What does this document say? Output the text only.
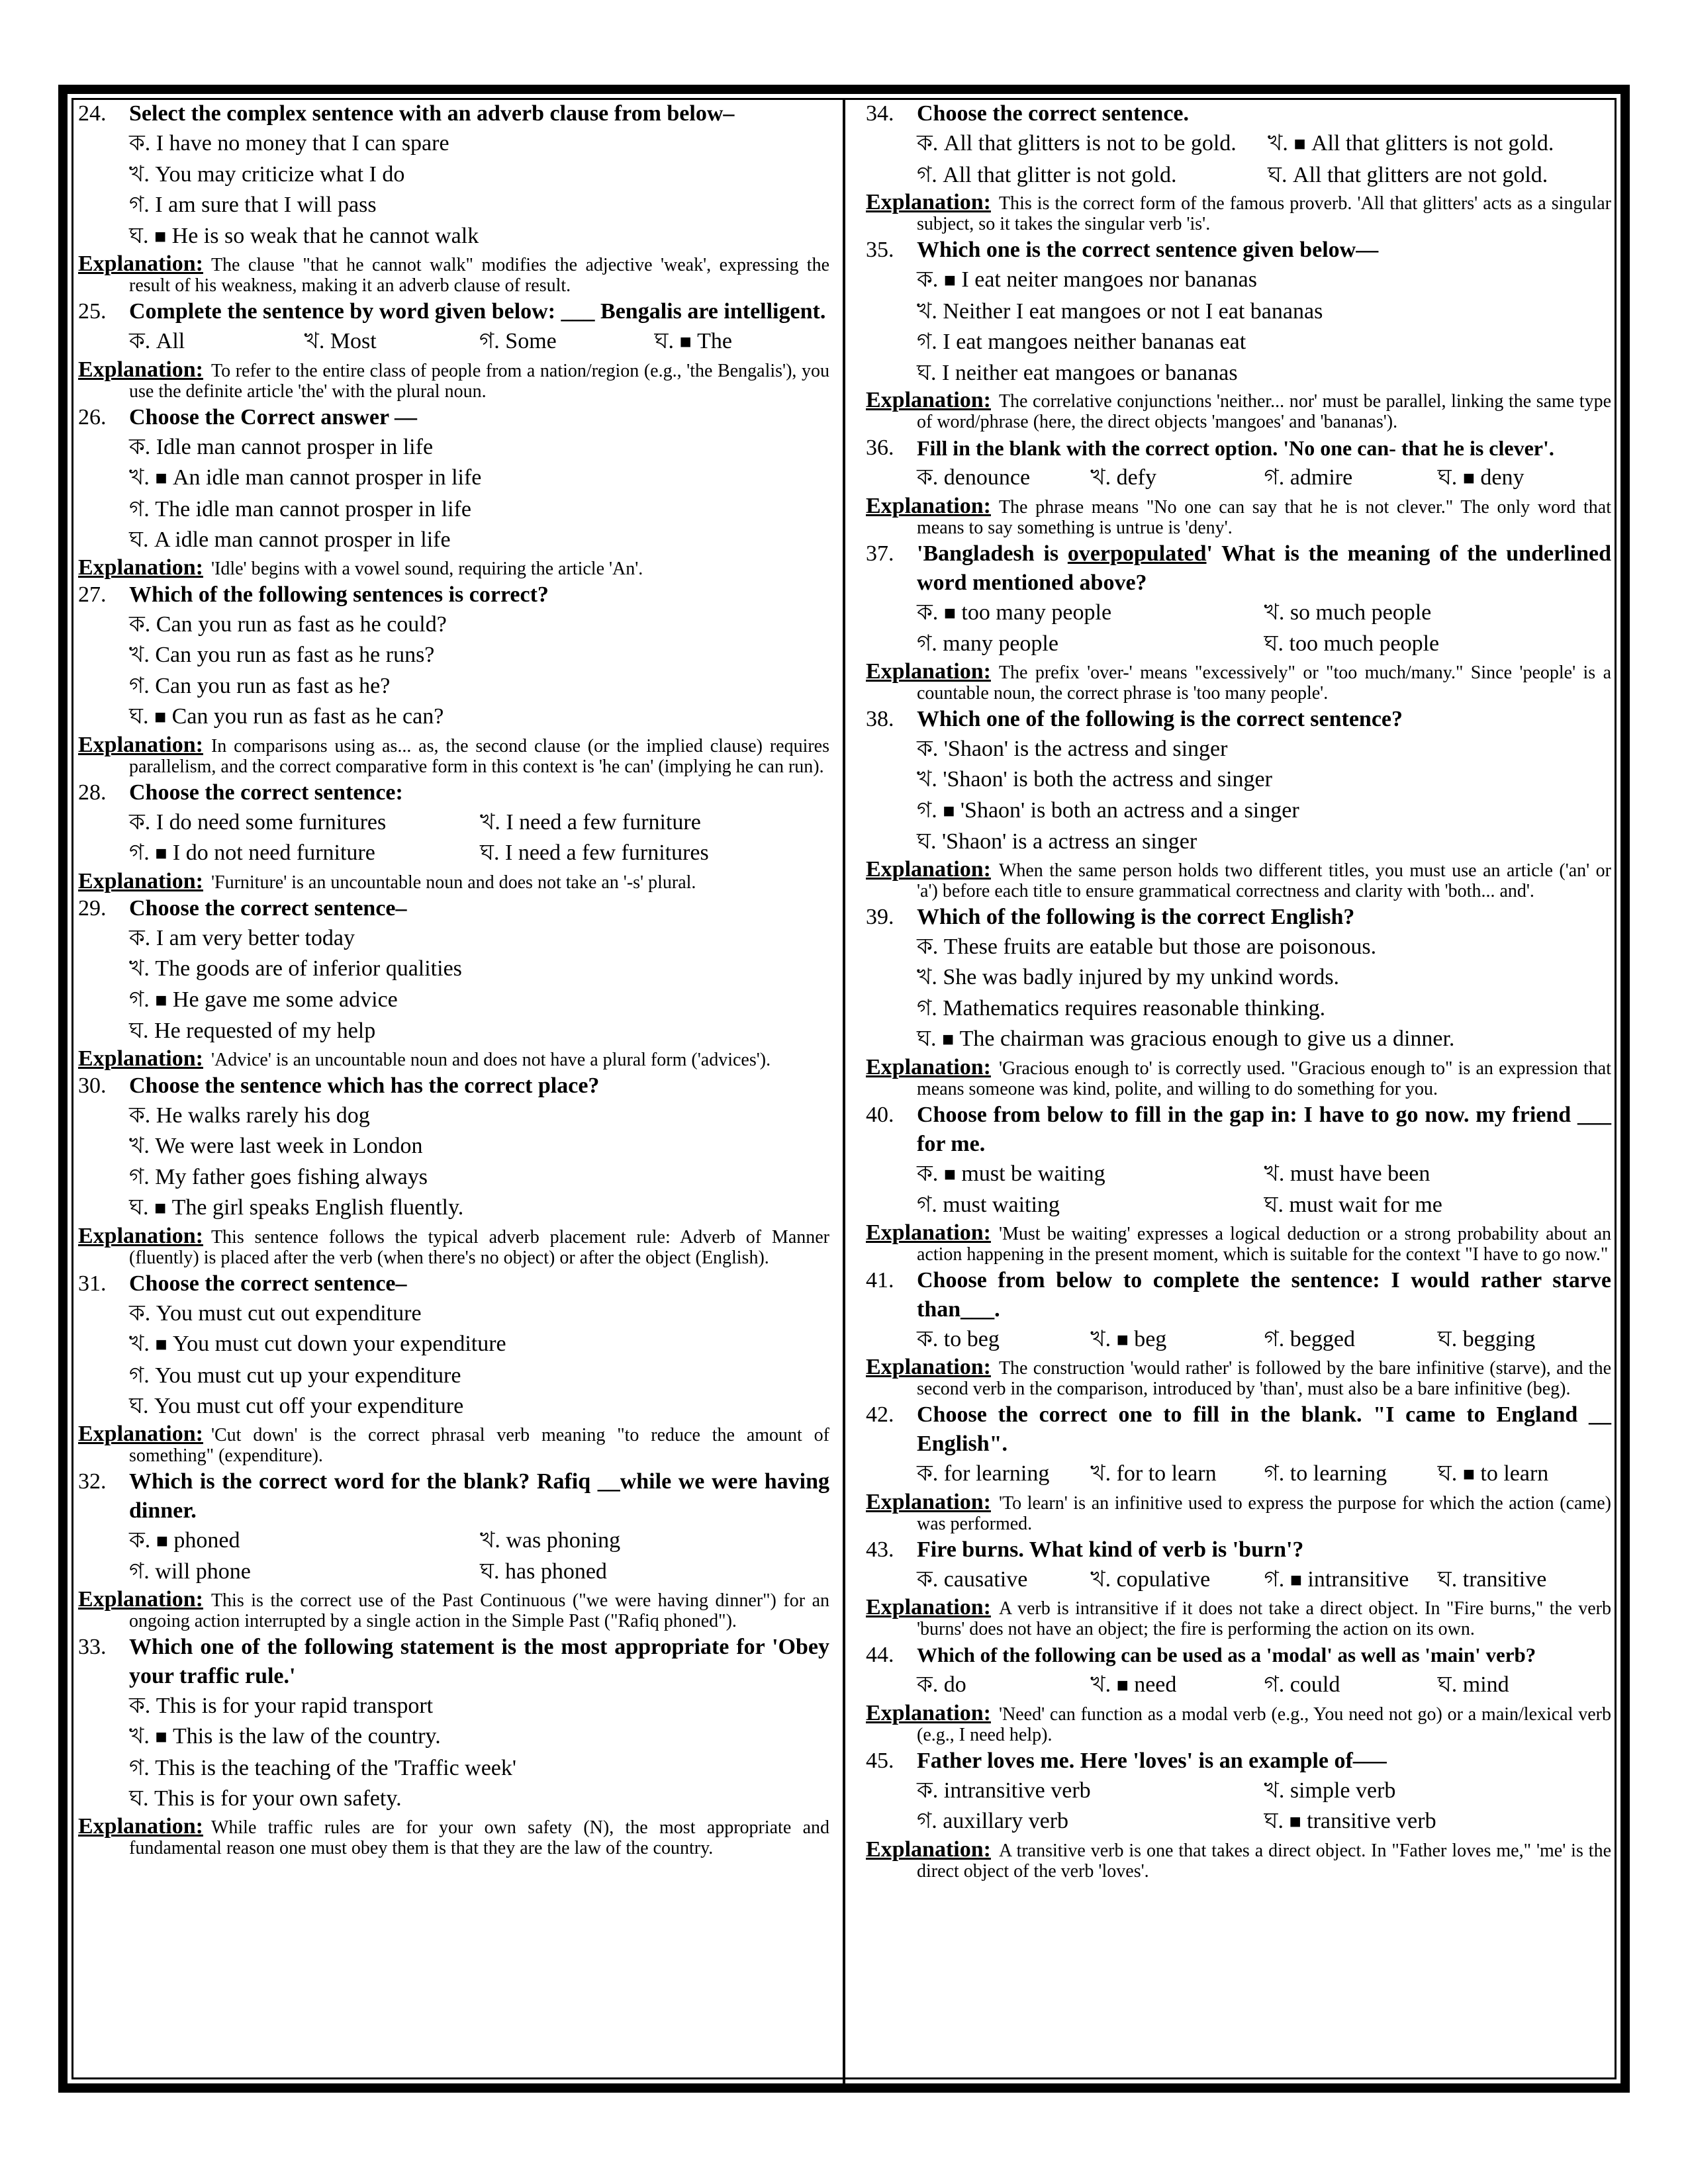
24.	Select the complex sentence with an adverb clause from below–
ক. I have no money that I can spare
খ. You may criticize what I do
গ. I am sure that I will pass
ঘ. ■ He is so weak that he cannot walk
Explanation: The clause "that he cannot walk" modifies the adjective 'weak', expressing the result of his weakness, making it an adverb clause of result.
25.	Complete the sentence by word given below: ___ Bengalis are intelligent.
ক. All	খ. Most	গ. Some	ঘ. ■ The
Explanation: To refer to the entire class of people from a nation/region (e.g., 'the Bengalis'), you use the definite article 'the' with the plural noun.
26.	Choose the Correct answer —
ক. Idle man cannot prosper in life
খ. ■ An idle man cannot prosper in life
গ. The idle man cannot prosper in life
ঘ. A idle man cannot prosper in life
Explanation: 'Idle' begins with a vowel sound, requiring the article 'An'.
27.	Which of the following sentences is correct?
ক. Can you run as fast as he could?
খ. Can you run as fast as he runs?
গ. Can you run as fast as he?
ঘ. ■ Can you run as fast as he can?
Explanation: In comparisons using as... as, the second clause (or the implied clause) requires parallelism, and the correct comparative form in this context is 'he can' (implying he can run).
28.	Choose the correct sentence:
ক. I do need some furnitures	খ. I need a few furniture
গ. ■ I do not need furniture	ঘ. I need a few furnitures
Explanation: 'Furniture' is an uncountable noun and does not take an '-s' plural.
29.	Choose the correct sentence–
ক. I am very better today
খ. The goods are of inferior qualities
গ. ■ He gave me some advice
ঘ. He requested of my help
Explanation: 'Advice' is an uncountable noun and does not have a plural form ('advices').
30.	Choose the sentence which has the correct place?
ক. He walks rarely his dog
খ. We were last week in London
গ. My father goes fishing always
ঘ. ■ The girl speaks English fluently.
Explanation: This sentence follows the typical adverb placement rule: Adverb of Manner (fluently) is placed after the verb (when there's no object) or after the object (English).
31.	Choose the correct sentence–
ক. You must cut out expenditure
খ. ■ You must cut down your expenditure
গ. You must cut up your expenditure
ঘ. You must cut off your expenditure
Explanation: 'Cut down' is the correct phrasal verb meaning "to reduce the amount of something" (expenditure).
32.	Which is the correct word for the blank? Rafiq __while we were having dinner.
ক. ■ phoned	খ. was phoning
গ. will phone	ঘ. has phoned
Explanation: This is the correct use of the Past Continuous ("we were having dinner") for an ongoing action interrupted by a single action in the Simple Past ("Rafiq phoned").
33.	Which one of the following statement is the most appropriate for 'Obey your traffic rule.'
ক. This is for your rapid transport
খ. ■ This is the law of the country.
গ. This is the teaching of the 'Traffic week'
ঘ. This is for your own safety.
Explanation: While traffic rules are for your own safety (N), the most appropriate and fundamental reason one must obey them is that they are the law of the country.
34.	Choose the correct sentence.
ক. All that glitters is not to be gold.	খ. ■ All that glitters is not gold.
গ. All that glitter is not gold.	ঘ. All that glitters are not gold.
Explanation: This is the correct form of the famous proverb. 'All that glitters' acts as a singular subject, so it takes the singular verb 'is'.
35.	Which one is the correct sentence given below—
ক. ■ I eat neiter mangoes nor bananas
খ. Neither I eat mangoes or not I eat bananas
গ. I eat mangoes neither bananas eat
ঘ. I neither eat mangoes or bananas
Explanation: The correlative conjunctions 'neither... nor' must be parallel, linking the same type of word/phrase (here, the direct objects 'mangoes' and 'bananas').
36.	Fill in the blank with the correct option. 'No one can- that he is clever'.
ক. denounce	খ. defy	গ. admire	ঘ. ■ deny
Explanation: The phrase means "No one can say that he is not clever." The only word that means to say something is untrue is 'deny'.
37.	'Bangladesh is overpopulated' What is the meaning of the underlined word mentioned above?
ক. ■ too many people	খ. so much people
গ. many people	ঘ. too much people
Explanation: The prefix 'over-' means "excessively" or "too much/many." Since 'people' is a countable noun, the correct phrase is 'too many people'.
38.	Which one of the following is the correct sentence?
ক. 'Shaon' is the actress and singer
খ. 'Shaon' is both the actress and singer
গ. ■ 'Shaon' is both an actress and a singer
ঘ. 'Shaon' is a actress an singer
Explanation: When the same person holds two different titles, you must use an article ('an' or 'a') before each title to ensure grammatical correctness and clarity with 'both... and'.
39.	Which of the following is the correct English?
ক. These fruits are eatable but those are poisonous.
খ. She was badly injured by my unkind words.
গ. Mathematics requires reasonable thinking.
ঘ. ■ The chairman was gracious enough to give us a dinner.
Explanation: 'Gracious enough to' is correctly used. "Gracious enough to" is an expression that means someone was kind, polite, and willing to do something for you.
40.	Choose from below to fill in the gap in: I have to go now. my friend ___ for me.
ক. ■ must be waiting	খ. must have been
গ. must waiting	ঘ. must wait for me
Explanation: 'Must be waiting' expresses a logical deduction or a strong probability about an action happening in the present moment, which is suitable for the context "I have to go now."
41.	Choose from below to complete the sentence: I would rather starve than___.
ক. to beg	খ. ■ beg	গ. begged	ঘ. begging
Explanation: The construction 'would rather' is followed by the bare infinitive (starve), and the second verb in the comparison, introduced by 'than', must also be a bare infinitive (beg).
42.	Choose the correct one to fill in the blank. "I came to England __ English".
ক. for learning	খ. for to learn	গ. to learning	ঘ. ■ to learn
Explanation: 'To learn' is an infinitive used to express the purpose for which the action (came) was performed.
43.	Fire burns. What kind of verb is 'burn'?
ক. causative	খ. copulative	গ. ■ intransitive	ঘ. transitive
Explanation: A verb is intransitive if it does not take a direct object. In "Fire burns," the verb 'burns' does not have an object; the fire is performing the action on its own.
44.	Which of the following can be used as a 'modal' as well as 'main' verb?
ক. do	খ. ■ need	গ. could	ঘ. mind
Explanation: 'Need' can function as a modal verb (e.g., You need not go) or a main/lexical verb (e.g., I need help).
45.	Father loves me. Here 'loves' is an example of–—
ক. intransitive verb	খ. simple verb
গ. auxillary verb	ঘ. ■ transitive verb
Explanation: A transitive verb is one that takes a direct object. In "Father loves me," 'me' is the direct object of the verb 'loves'.
